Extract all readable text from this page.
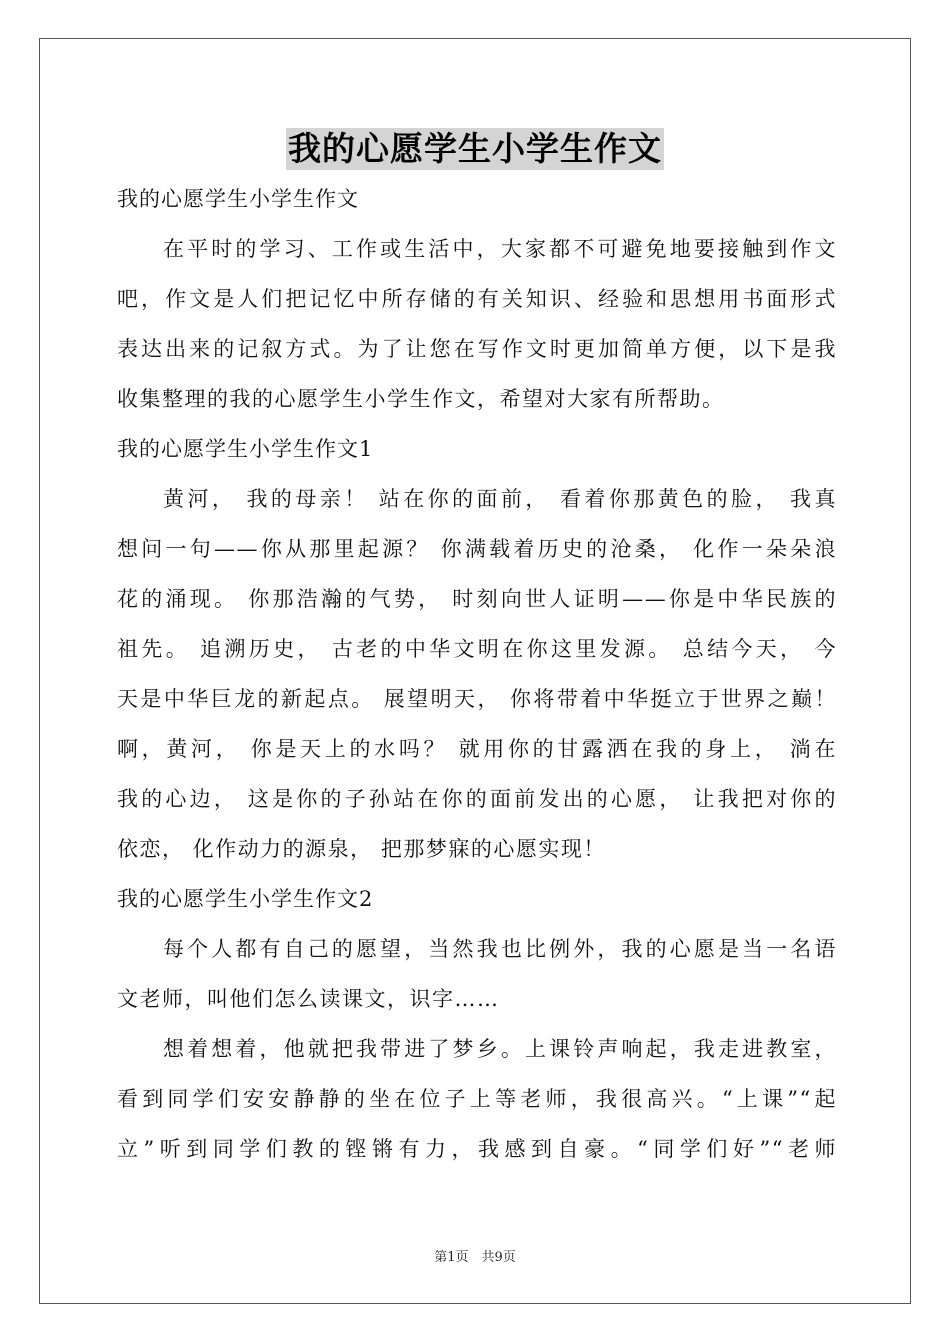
我的心愿学生小学生作文
我的心愿学生小学生作文
在平时的学习、工作或生活中，大家都不可避免地要接触到作文
吧，作文是人们把记忆中所存储的有关知识、经验和思想用书面形式
表达出来的记叙方式。为了让您在写作文时更加简单方便，以下是我
收集整理的我的心愿学生小学生作文，希望对大家有所帮助。
我的心愿学生小学生作文1
黄河， 我的母亲！ 站在你的面前， 看着你那黄色的脸， 我真
想问一句——你从那里起源？ 你满载着历史的沧桑， 化作一朵朵浪
花的涌现。 你那浩瀚的气势， 时刻向世人证明——你是中华民族的
祖先。 追溯历史， 古老的中华文明在你这里发源。 总结今天， 今
天是中华巨龙的新起点。 展望明天， 你将带着中华挺立于世界之巅！
啊，黄河， 你是天上的水吗？ 就用你的甘露洒在我的身上， 淌在
我的心边， 这是你的子孙站在你的面前发出的心愿， 让我把对你的
依恋， 化作动力的源泉， 把那梦寐的心愿实现！
我的心愿学生小学生作文2
每个人都有自己的愿望，当然我也比例外，我的心愿是当一名语
文老师，叫他们怎么读课文，识字……
想着想着，他就把我带进了梦乡。上课铃声响起，我走进教室，
看到同学们安安静静的坐在位子上等老师，我很高兴。“上课”“起
立”听到同学们教的铿锵有力，我感到自豪。“同学们好”“老师
第1页　共9页
